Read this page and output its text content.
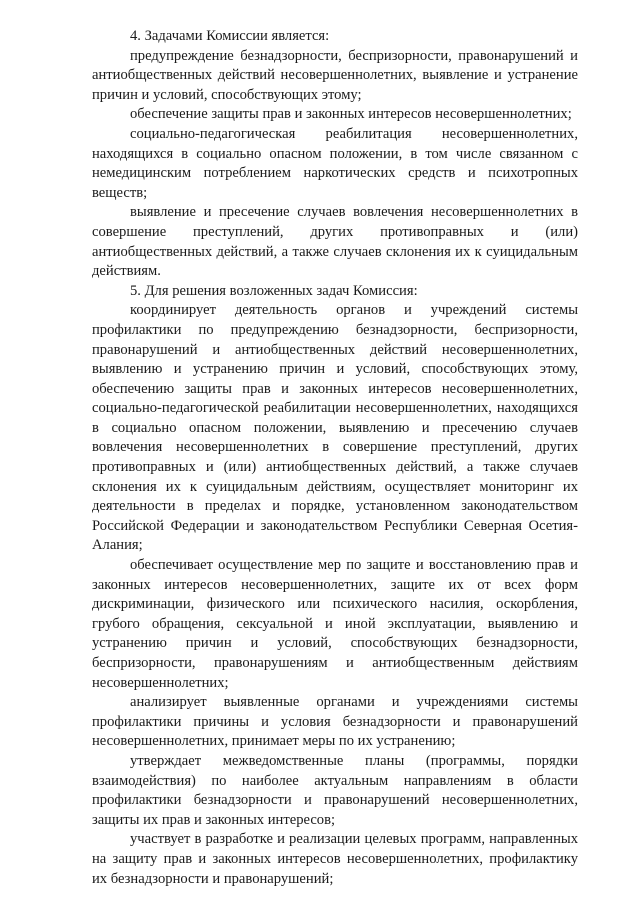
4. Задачами Комиссии является:

предупреждение безнадзорности, беспризорности, правонарушений и антиобщественных действий несовершеннолетних, выявление и устранение причин и условий, способствующих этому;

обеспечение защиты прав и законных интересов несовершеннолетних;

социально-педагогическая реабилитация несовершеннолетних, находящихся в социально опасном положении, в том числе связанном с немедицинским потреблением наркотических средств и психотропных веществ;

выявление и пресечение случаев вовлечения несовершеннолетних в совершение преступлений, других противоправных и (или) антиобщественных действий, а также случаев склонения их к суицидальным действиям.

5. Для решения возложенных задач Комиссия:

координирует деятельность органов и учреждений системы профилактики по предупреждению безнадзорности, беспризорности, правонарушений и антиобщественных действий несовершеннолетних, выявлению и устранению причин и условий, способствующих этому, обеспечению защиты прав и законных интересов несовершеннолетних, социально-педагогической реабилитации несовершеннолетних, находящихся в социально опасном положении, выявлению и пресечению случаев вовлечения несовершеннолетних в совершение преступлений, других противоправных и (или) антиобщественных действий, а также случаев склонения их к суицидальным действиям, осуществляет мониторинг их деятельности в пределах и порядке, установленном законодательством Российской Федерации и законодательством Республики Северная Осетия-Алания;

обеспечивает осуществление мер по защите и восстановлению прав и законных интересов несовершеннолетних, защите их от всех форм дискриминации, физического или психического насилия, оскорбления, грубого обращения, сексуальной и иной эксплуатации, выявлению и устранению причин и условий, способствующих безнадзорности, беспризорности, правонарушениям и антиобщественным действиям несовершеннолетних;

анализирует выявленные органами и учреждениями системы профилактики причины и условия безнадзорности и правонарушений несовершеннолетних, принимает меры по их устранению;

утверждает межведомственные планы (программы, порядки взаимодействия) по наиболее актуальным направлениям в области профилактики безнадзорности и правонарушений несовершеннолетних, защиты их прав и законных интересов;

участвует в разработке и реализации целевых программ, направленных на защиту прав и законных интересов несовершеннолетних, профилактику их безнадзорности и правонарушений;
